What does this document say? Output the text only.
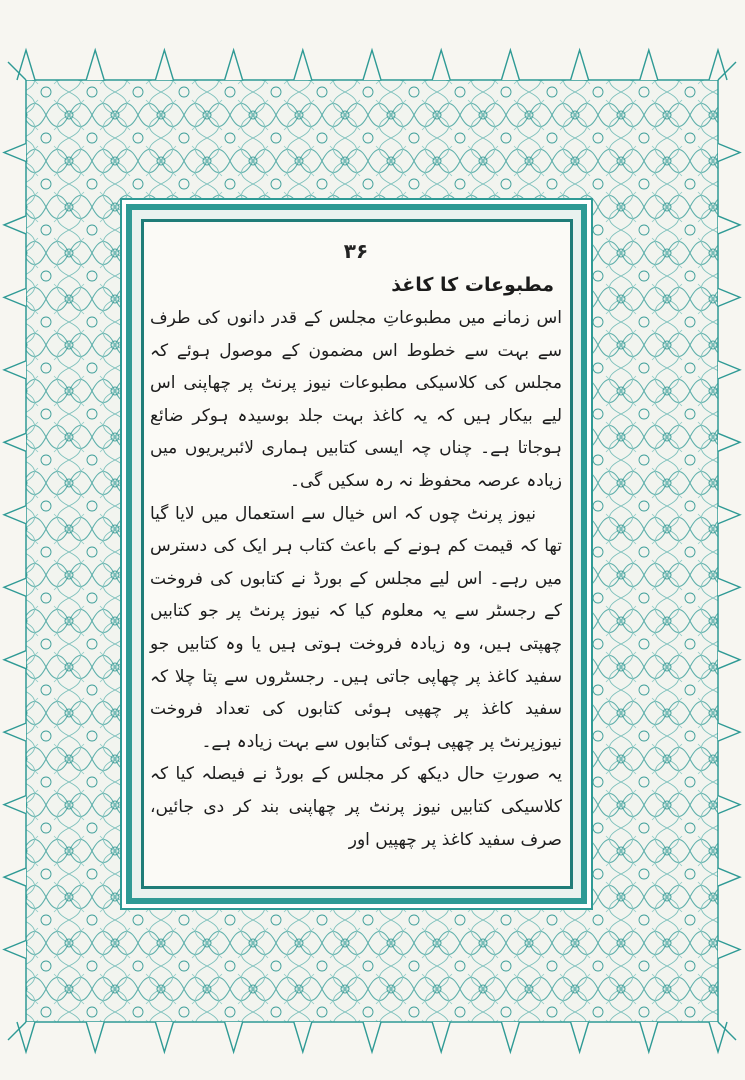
۳۶
مطبوعات کا کاغذ

اس زمانے میں مطبوعاتِ مجلس کے قدر دانوں کی طرف سے بہت سے خطوط اس مضمون کے موصول ہوئے کہ مجلس کی کلاسیکی مطبوعات نیوز پرنٹ پر چھاپنی اس لیے بیکار ہیں کہ یہ کاغذ بہت جلد بوسیدہ ہوکر ضائع ہوجاتا ہے۔ چناں چہ ایسی کتابیں ہماری لائبریریوں میں زیادہ عرصہ محفوظ نہ رہ سکیں گی۔

نیوز پرنٹ چوں کہ اس خیال سے استعمال میں لایا گیا تھا کہ قیمت کم ہونے کے باعث کتاب ہر ایک کی دسترس میں رہے۔ اس لیے مجلس کے بورڈ نے کتابوں کی فروخت کے رجسٹر سے یہ معلوم کیا کہ نیوز پرنٹ پر جو کتابیں چھپتی ہیں، وہ زیادہ فروخت ہوتی ہیں یا وہ کتابیں جو سفید کاغذ پر چھاپی جاتی ہیں۔ رجسٹروں سے پتا چلا کہ سفید کاغذ پر چھپی ہوئی کتابوں کی تعداد فروخت نیوزپرنٹ پر چھپی ہوئی کتابوں سے بہت زیادہ ہے۔

یہ صورتِ حال دیکھ کر مجلس کے بورڈ نے فیصلہ کیا کہ کلاسیکی کتابیں نیوز پرنٹ پر چھاپنی بند کر دی جائیں، صرف سفید کاغذ پر چھپیں اور
